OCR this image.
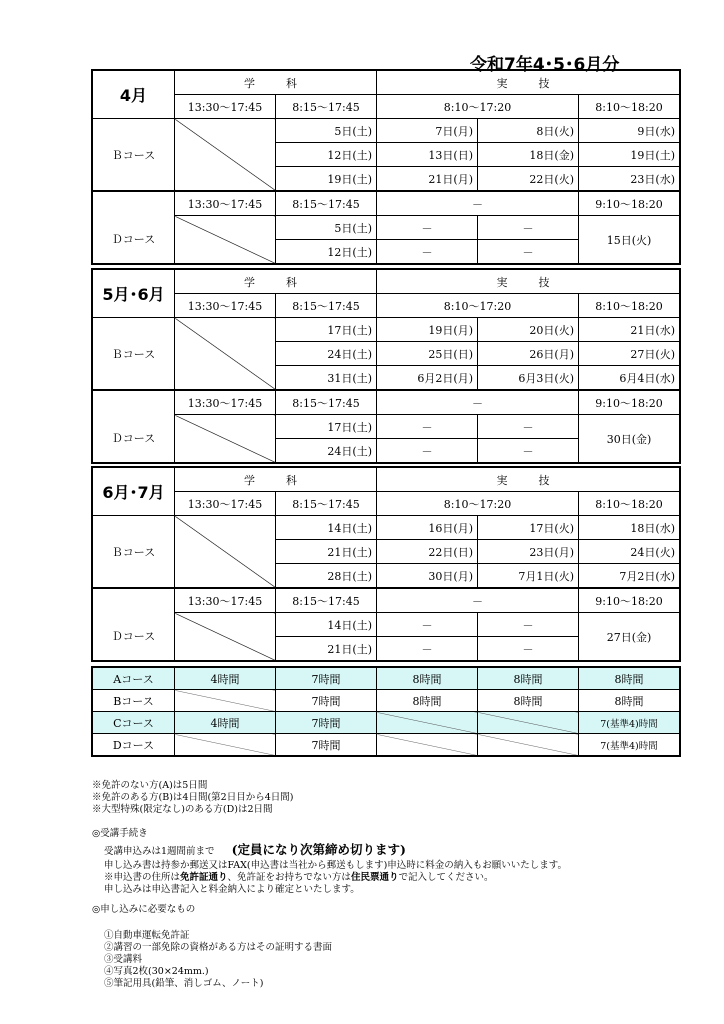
令和7年4･5･6月分
4月	学　科		実　技		
	13:30～17:45	8:15～17:45	8:10～17:20		8:10～18:20
Ｂコース		5日(土)	7日(月)	8日(火)	9日(水)
		12日(土)	13日(日)	18日(金)	19日(土)
		19日(土)	21日(月)	22日(火)	23日(水)
	13:30～17:45	8:15～17:45	－		9:10～18:20
Ｄコース		5日(土)	－	－	15日(火)
		12日(土)	－	－	
5月･6月	学　科		実　技		
	13:30～17:45	8:15～17:45	8:10～17:20		8:10～18:20
Ｂコース		17日(土)	19日(月)	20日(火)	21日(水)
		24日(土)	25日(日)	26日(月)	27日(火)
		31日(土)	6月2日(月)	6月3日(火)	6月4日(水)
	13:30～17:45	8:15～17:45	－		9:10～18:20
Ｄコース		17日(土)	－	－	30日(金)
		24日(土)	－	－	
6月･7月	学　科		実　技		
	13:30～17:45	8:15～17:45	8:10～17:20		8:10～18:20
Ｂコース		14日(土)	16日(月)	17日(火)	18日(水)
		21日(土)	22日(日)	23日(月)	24日(火)
		28日(土)	30日(月)	7月1日(火)	7月2日(水)
	13:30～17:45	8:15～17:45	－		9:10～18:20
Ｄコース		14日(土)	－	－	27日(金)
		21日(土)	－	－	
Aコース	4時間	7時間	8時間	8時間	8時間
Bコース		7時間	8時間	8時間	8時間
Cコース	4時間	7時間			7(基準4)時間
Dコース		7時間			7(基準4)時間
※免許のない方(A)は5日間
※免許のある方(B)は4日間(第2日目から4日間)
※大型特殊(限定なし)のある方(D)は2日間
◎受講手続き
受講申込みは1週間前まで (定員になり次第締め切ります)
申し込み書は持参か郵送又はFAX(申込書は当社から郵送もします)申込時に料金の納入もお願いいたします。
※申込書の住所は免許証通り、免許証をお持ちでない方は住民票通りで記入してください。
申し込みは申込書記入と料金納入により確定といたします。
◎申し込みに必要なもの
①自動車運転免許証
②講習の一部免除の資格がある方はその証明する書面
③受講料
④写真2枚(30×24mm.)
⑤筆記用具(鉛筆、消しゴム、ノート)
